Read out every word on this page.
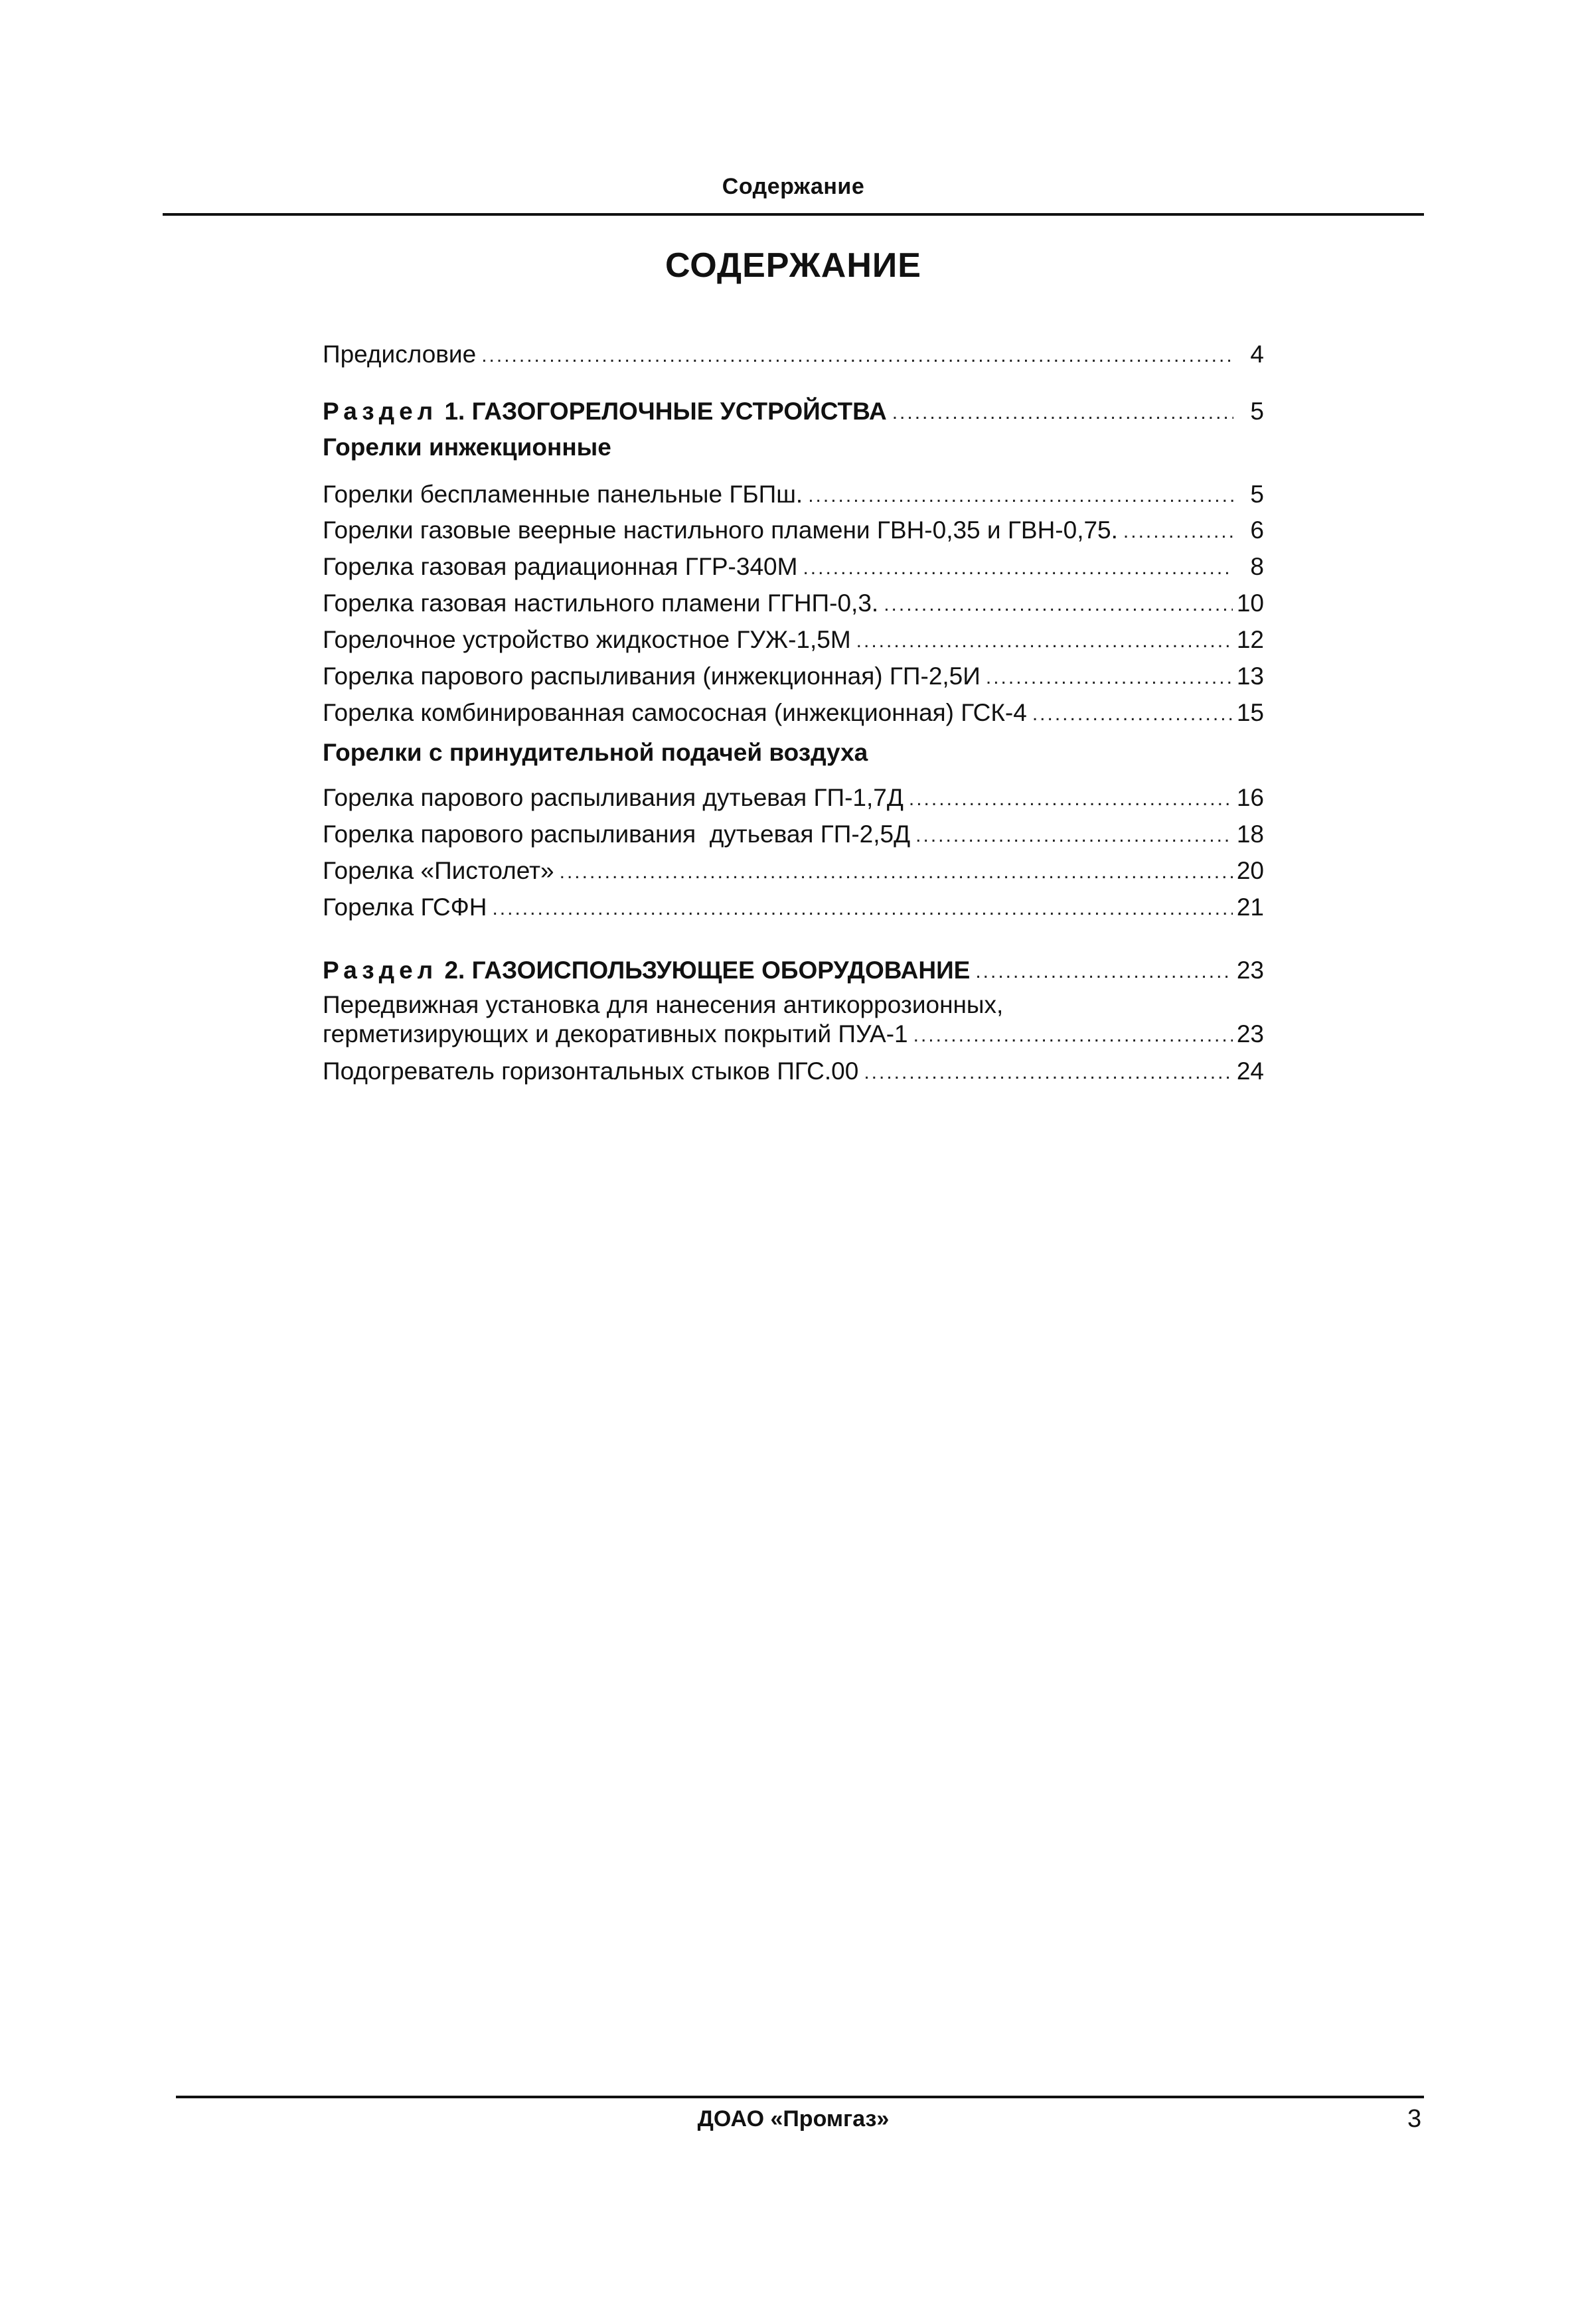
Содержание
СОДЕРЖАНИЕ
Предисловие .....	4
Раздел 1. ГАЗОГОРЕЛОЧНЫЕ УСТРОЙСТВА .....	5
Горелки инжекционные
Горелки беспламенные панельные ГБПш. .....	5
Горелки газовые веерные настильного пламени ГВН-0,35 и ГВН-0,75. .....	6
Горелка газовая радиационная ГГР-340М .....	8
Горелка газовая настильного пламени ГГНП-0,3. .....	10
Горелочное устройство жидкостное ГУЖ-1,5М .....	12
Горелка парового распыливания (инжекционная) ГП-2,5И .....	13
Горелка комбинированная самососная (инжекционная) ГСК-4 .....	15
Горелки с принудительной подачей воздуха
Горелка парового распыливания дутьевая ГП-1,7Д .....	16
Горелка парового распыливания  дутьевая ГП-2,5Д .....	18
Горелка «Пистолет» .....	20
Горелка ГСФН .....	21
Раздел 2. ГАЗОИСПОЛЬЗУЮЩЕЕ ОБОРУДОВАНИЕ .....	23
Передвижная установка для нанесения антикоррозионных,
герметизирующих и декоративных покрытий ПУА-1 .....	23
Подогреватель горизонтальных стыков ПГС.00 .....	24
ДОАО «Промгаз»	3
